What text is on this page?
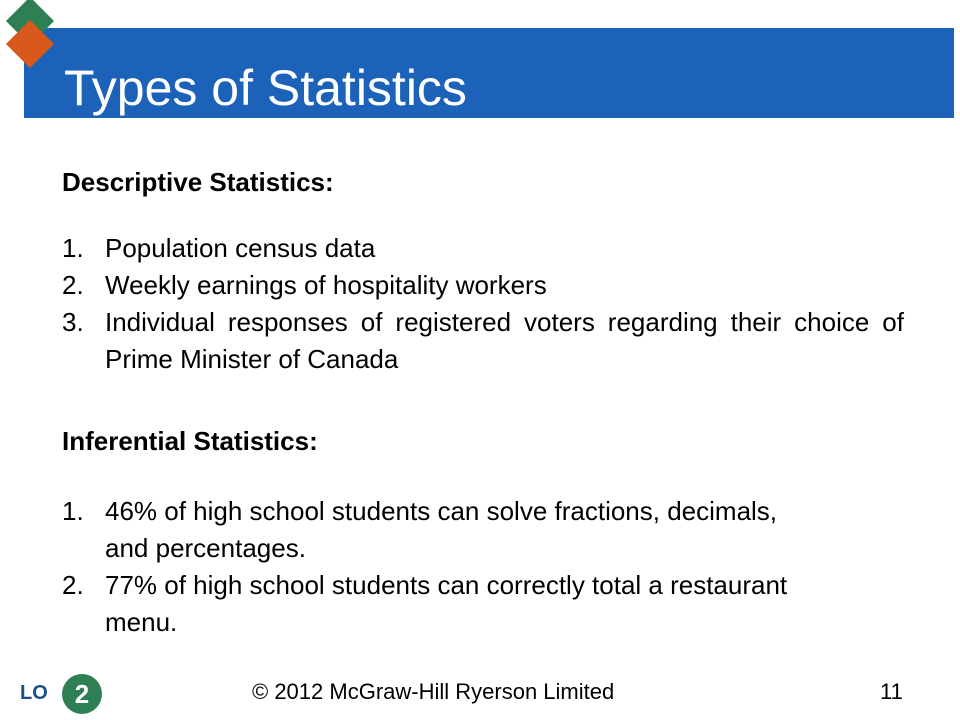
Types of Statistics
Descriptive Statistics:
1. Population census data
2. Weekly earnings of hospitality workers
3. Individual responses of registered voters regarding their choice of Prime Minister of Canada
Inferential Statistics:
1. 46% of high school students can solve fractions, decimals, and percentages.
2. 77% of high school students can correctly total a restaurant menu.
LO	2	© 2012 McGraw-Hill Ryerson Limited	11
